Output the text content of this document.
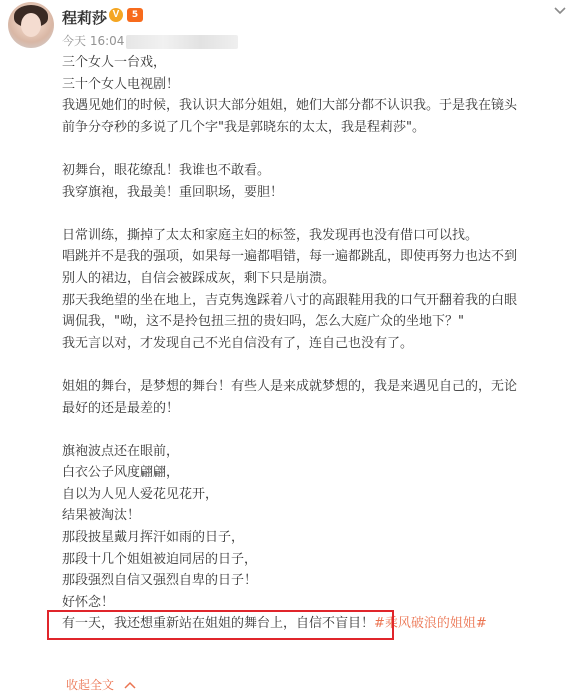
程莉莎 V	5
今天 16:04
三个女人一台戏，
三十个女人电视剧！
我遇见她们的时候，我认识大部分姐姐，她们大部分都不认识我。于是我在镜头
前争分夺秒的多说了几个字"我是郭晓东的太太，我是程莉莎"。
初舞台，眼花缭乱！我谁也不敢看。
我穿旗袍，我最美！重回职场，要胆！
日常训练，撕掉了太太和家庭主妇的标签，我发现再也没有借口可以找。
唱跳并不是我的强项，如果每一遍都唱错，每一遍都跳乱，即使再努力也达不到
别人的裙边，自信会被踩成灰，剩下只是崩溃。
那天我绝望的坐在地上，吉克隽逸踩着八寸的高跟鞋用我的口气开翻着我的白眼
调侃我，"呦，这不是拎包扭三扭的贵妇吗，怎么大庭广众的坐地下？"
我无言以对，才发现自己不光自信没有了，连自己也没有了。
姐姐的舞台，是梦想的舞台！有些人是来成就梦想的，我是来遇见自己的，无论
最好的还是最差的！
旗袍波点还在眼前，
白衣公子风度翩翩，
自以为人见人爱花见花开，
结果被淘汰！
那段披星戴月挥汗如雨的日子，
那段十几个姐姐被迫同居的日子，
那段强烈自信又强烈自卑的日子！
好怀念！
有一天，我还想重新站在姐姐的舞台上，自信不盲目！#乘风破浪的姐姐#
收起全文
